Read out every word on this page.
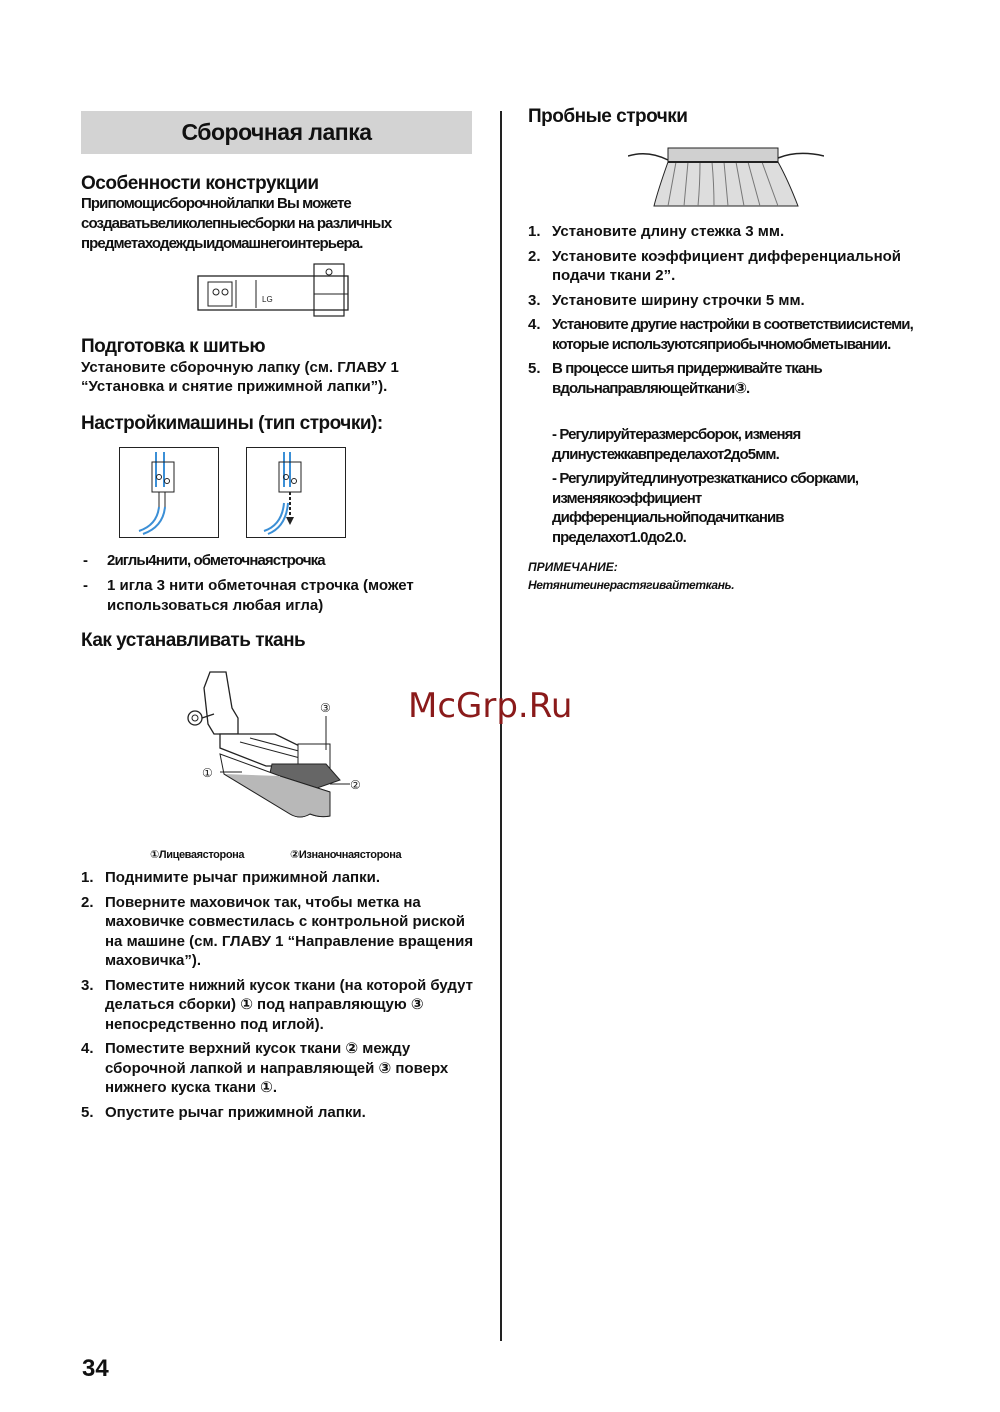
Сборочная лапка
Особенности конструкции
Припомощисборочнойлапки Вы можете
создаватьвеликолепныесборки на различных
предметаходеждыидомашнегоинтерьера.
LG
Подготовка к шитью
Установите сборочную лапку (см. ГЛАВУ 1
“Установка и снятие прижимной лапки”).
Настройкимашины (тип строчки):
- 2иглы4нити, обметочнаястрочка
- 1 игла 3 нити обметочная строчка (может использоваться любая игла)
Как устанавливать ткань
③
①
②
①Лицеваясторона	②Изнаночнаясторона
1. Поднимите рычаг прижимной лапки.
2. Поверните маховичок так, чтобы метка на маховичке совместилась с контрольной риской на машине (см. ГЛАВУ 1 “Направление вращения маховичка”).
3. Поместите нижний кусок ткани (на которой будут делаться сборки) ① под направляющую ③ непосредственно под иглой).
4. Поместите верхний кусок ткани ② между сборочной лапкой и направляющей ③ поверх нижнего куска ткани ①.
5. Опустите рычаг прижимной лапки.
34
Пробные строчки
1. Установите длину стежка 3 мм.
2. Установите коэффициент дифференциальной подачи ткани 2”.
3. Установите ширину строчки 5 мм.
4. Установите другие настройки в соответствиисистеми, которые используютсяприобычномобметывании.
5. В процессе шитья придерживайте ткань вдольнаправляющейткани③.
- Регулируйтеразмерсборок, изменяя длинустежкавпределахот2до5мм.
- Регулируйтедлинуотрезкатканисо сборками, изменяякоэффициент дифференциальнойподачитканив пределахот1.0до2.0.
ПРИМЕЧАНИЕ:
Нетянитеинерастягивайтеткань.
McGrp.Ru
